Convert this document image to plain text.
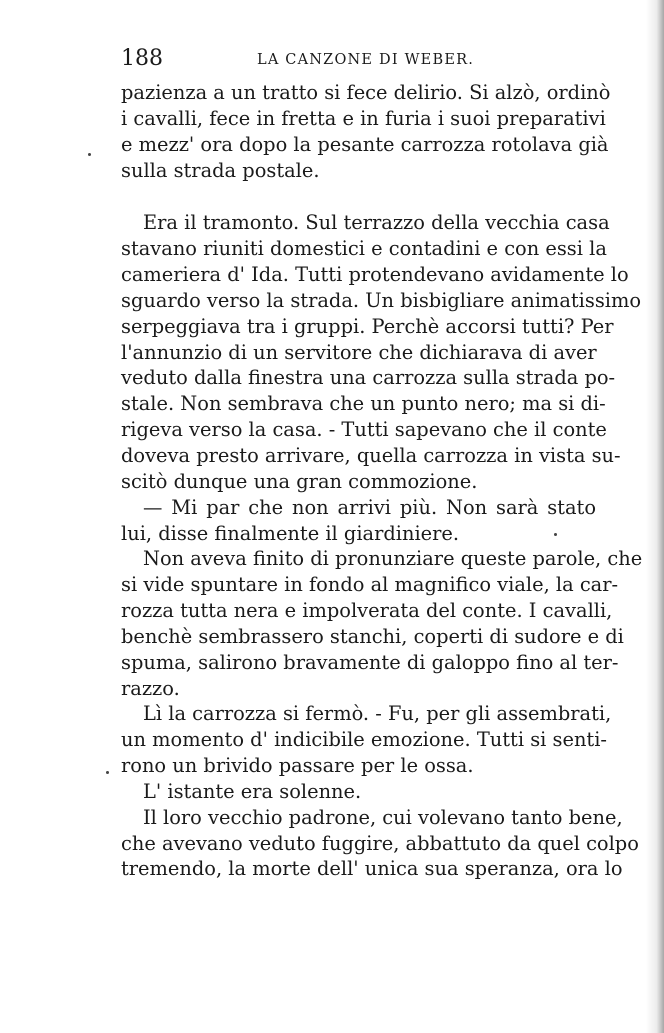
188	LA CANZONE DI WEBER.
pazienza a un tratto si fece delirio. Si alzò, ordinò
i cavalli, fece in fretta e in furia i suoi preparativi
e mezz' ora dopo la pesante carrozza rotolava già
sulla strada postale.
Era il tramonto. Sul terrazzo della vecchia casa
stavano riuniti domestici e contadini e con essi la
cameriera d' Ida. Tutti protendevano avidamente lo
sguardo verso la strada. Un bisbigliare animatissimo
serpeggiava tra i gruppi. Perchè accorsi tutti? Per
l'annunzio di un servitore che dichiarava di aver
veduto dalla finestra una carrozza sulla strada po-
stale. Non sembrava che un punto nero; ma si di-
rigeva verso la casa. - Tutti sapevano che il conte
doveva presto arrivare, quella carrozza in vista su-
scitò dunque una gran commozione.
— Mi par che non arrivi più. Non sarà stato
lui, disse finalmente il giardiniere.
Non aveva finito di pronunziare queste parole, che
si vide spuntare in fondo al magnifico viale, la car-
rozza tutta nera e impolverata del conte. I cavalli,
benchè sembrassero stanchi, coperti di sudore e di
spuma, salirono bravamente di galoppo fino al ter-
razzo.
Lì la carrozza si fermò. - Fu, per gli assembrati,
un momento d' indicibile emozione. Tutti si senti-
rono un brivido passare per le ossa.
L' istante era solenne.
Il loro vecchio padrone, cui volevano tanto bene,
che avevano veduto fuggire, abbattuto da quel colpo
tremendo, la morte dell' unica sua speranza, ora lo
